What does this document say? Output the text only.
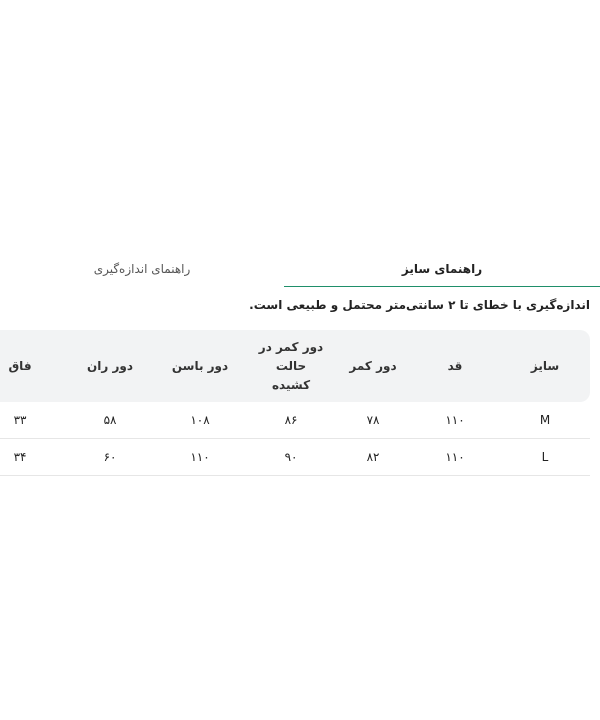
راهنمای سایز
راهنمای اندازه‌گیری
اندازه‌گیری با خطای تا ۲ سانتی‌متر محتمل و طبیعی است.
سایز
قد
دور کمر
دور کمر در
حالت
کشیده
دور باسن
دور ران
فاق
M
۱۱۰
۷۸
۸۶
۱۰۸
۵۸
۳۳
L
۱۱۰
۸۲
۹۰
۱۱۰
۶۰
۳۴
